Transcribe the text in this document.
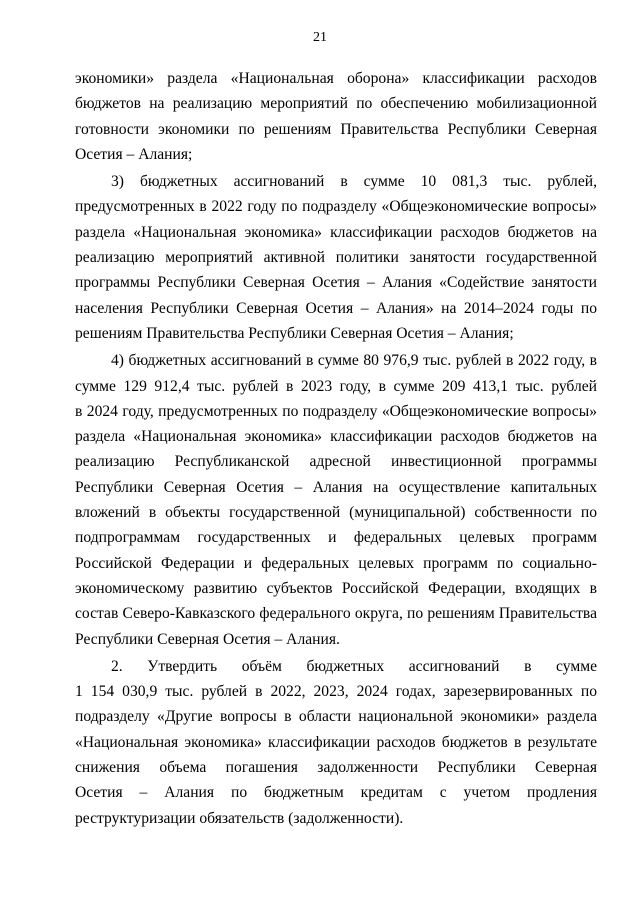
21
экономики» раздела «Национальная оборона» классификации расходов
бюджетов на реализацию мероприятий по обеспечению мобилизационной
готовности экономики по решениям Правительства Республики Северная
Осетия – Алания;
3) бюджетных ассигнований в сумме 10 081,3 тыс. рублей,
предусмотренных в 2022 году по подразделу «Общеэкономические вопросы»
раздела «Национальная экономика» классификации расходов бюджетов на
реализацию мероприятий активной политики занятости государственной
программы Республики Северная Осетия – Алания «Содействие занятости
населения Республики Северная Осетия – Алания» на 2014–2024 годы по
решениям Правительства Республики Северная Осетия – Алания;
4) бюджетных ассигнований в сумме 80 976,9 тыс. рублей в 2022 году, в
сумме 129 912,4 тыс. рублей в 2023 году, в сумме 209 413,1 тыс. рублей
в 2024 году, предусмотренных по подразделу «Общеэкономические вопросы»
раздела «Национальная экономика» классификации расходов бюджетов на
реализацию Республиканской адресной инвестиционной программы
Республики Северная Осетия – Алания на осуществление капитальных
вложений в объекты государственной (муниципальной) собственности по
подпрограммам государственных и федеральных целевых программ
Российской Федерации и федеральных целевых программ по социально-
экономическому развитию субъектов Российской Федерации, входящих в
состав Северо-Кавказского федерального округа, по решениям Правительства
Республики Северная Осетия – Алания.
2. Утвердить объём бюджетных ассигнований в сумме
1 154 030,9 тыс. рублей в 2022, 2023, 2024 годах, зарезервированных по
подразделу «Другие вопросы в области национальной экономики» раздела
«Национальная экономика» классификации расходов бюджетов в результате
снижения объема погашения задолженности Республики Северная
Осетия – Алания по бюджетным кредитам с учетом продления
реструктуризации обязательств (задолженности).
